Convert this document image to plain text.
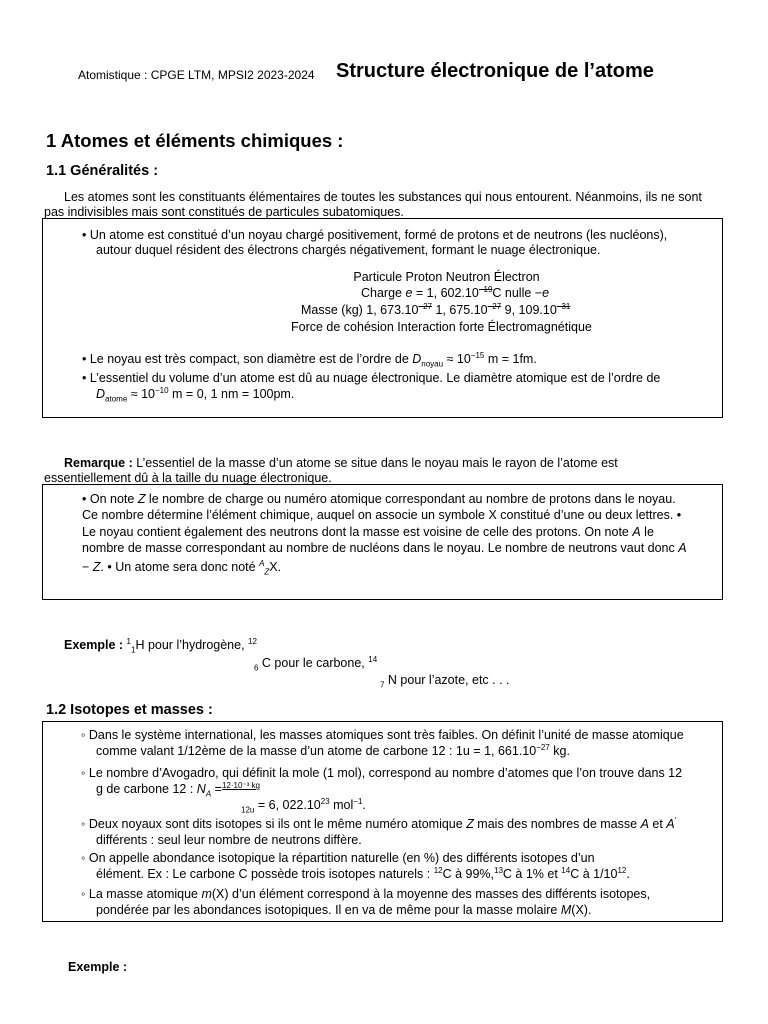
Atomistique : CPGE LTM, MPSI2 2023-2024 Structure électronique de l’atome
1 Atomes et éléments chimiques :
1.1 Généralités :
Les atomes sont les constituants élémentaires de toutes les substances qui nous entourent. Néanmoins, ils ne sont
pas indivisibles mais sont constitués de particules subatomiques.
• Un atome est constitué d’un noyau chargé positivement, formé de protons et de neutrons (les nucléons),
autour duquel résident des électrons chargés négativement, formant le nuage électronique.
Particule Proton Neutron Électron
Charge e = 1, $602.10^{-19}C$ nulle −e
Masse (kg) 1, $673.10^{-27}$ 1, $675.10^{-27}$ 9, $109.10^{-31}$
Force de cohésion Interaction forte Électromagnétique
• Le noyau est très compact, son diamètre est de l’ordre de $D_{noyau} \approx 10^{-15}$ m = 1fm.
• L’essentiel du volume d’un atome est dû au nuage électronique. Le diamètre atomique est de l’ordre de
$D_{atome} \approx 10^{-10}$ m = 0, 1 nm = 100pm.
Remarque : L’essentiel de la masse d’un atome se situe dans le noyau mais le rayon de l’atome est
essentiellement dû à la taille du nuage électronique.
• On note Z le nombre de charge ou numéro atomique correspondant au nombre de protons dans le noyau.
Ce nombre détermine l’élément chimique, auquel on associe un symbole X constitué d’une ou deux lettres. •
Le noyau contient également des neutrons dont la masse est voisine de celle des protons. On note A le
nombre de masse correspondant au nombre de nucléons dans le noyau. Le nombre de neutrons vaut donc A
− Z. • Un atome sera donc noté $^A_Z$X.
Exemple : $^1_1$H pour l’hydrogène, $^{12}$
$_6$ C pour le carbone, $^{14}$
$_7$ N pour l’azote, etc . . .
1.2 Isotopes et masses :
◦ Dans le système international, les masses atomiques sont très faibles. On définit l’unité de masse atomique
comme valant 1/12ème de la masse d’un atome de carbone 12 : 1u = 1, $661.10^{-27}$ kg.
◦ Le nombre d’Avogadro, qui définit la mole (1 mol), correspond au nombre d’atomes que l’on trouve dans 12
g de carbone 12 : $N_A =^{12\cdot 10^{-3} kg}$
$_{12u}$ = 6, 022.10$^{23}$ mol$^{-1}$.
◦ Deux noyaux sont dits isotopes si ils ont le même numéro atomique Z mais des nombres de masse A et A′
différents : seul leur nombre de neutrons diffère.
◦ On appelle abondance isotopique la répartition naturelle (en %) des différents isotopes d’un
élément. Ex : Le carbone C possède trois isotopes naturels : $^{12}$C à 99%,$^{13}$C à 1% et $^{14}$C à $1/10^{12}$.
◦ La masse atomique m(X) d’un élément correspond à la moyenne des masses des différents isotopes,
pondérée par les abondances isotopiques. Il en va de même pour la masse molaire M(X).
Exemple :
